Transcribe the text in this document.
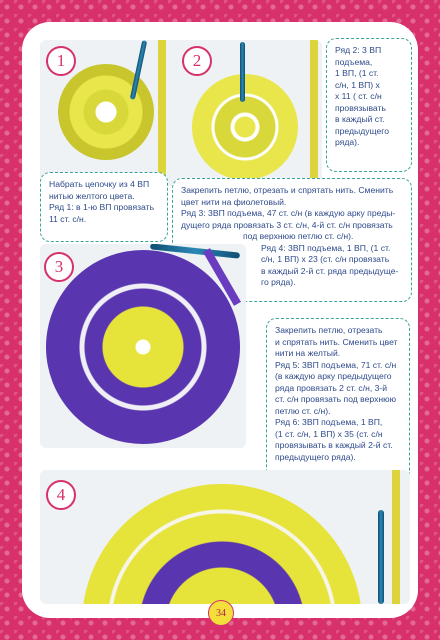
1	2

Ряд 2: 3 ВП

подъема,

1 ВП, (1 ст.

с/н, 1 ВП) х

х 11 ( ст. с/н

провязывать

в каждый ст.

предыдущего

ряда).

Набрать цепочку из 4 ВП

нитью желтого цвета.

Ряд 1: в 1-ю ВП провязать

11 ст. с/н.

Закрепить петлю, отрезать и спрятать нить. Сменить

цвет нити на фиолетовый.

Ряд 3: 3ВП подъема, 47 ст. с/н (в каждую арку преды-

дущего ряда провязать 3 ст. с/н, 4-й ст. с/н провязать

под верхнюю петлю ст. с/н).

Ряд 4: 3ВП подъема, 1 ВП, (1 ст.

с/н, 1 ВП) х 23 (ст. с/н провязать

в каждый 2-й ст. ряда предыдуще-

го ряда).

3

Закрепить петлю, отрезать

и спрятать нить. Сменить цвет

нити на желтый.

Ряд 5: 3ВП подъема, 71 ст. с/н

(в каждую арку предыдущего

ряда провязать 2 ст. с/н, 3-й

ст. с/н провязать под верхнюю

петлю ст. с/н).

Ряд 6: 3ВП подъема, 1 ВП,

(1 ст. с/н, 1 ВП) х 35 (ст. с/н

провязывать в каждый 2-й ст.

предыдущего ряда).

4
34
